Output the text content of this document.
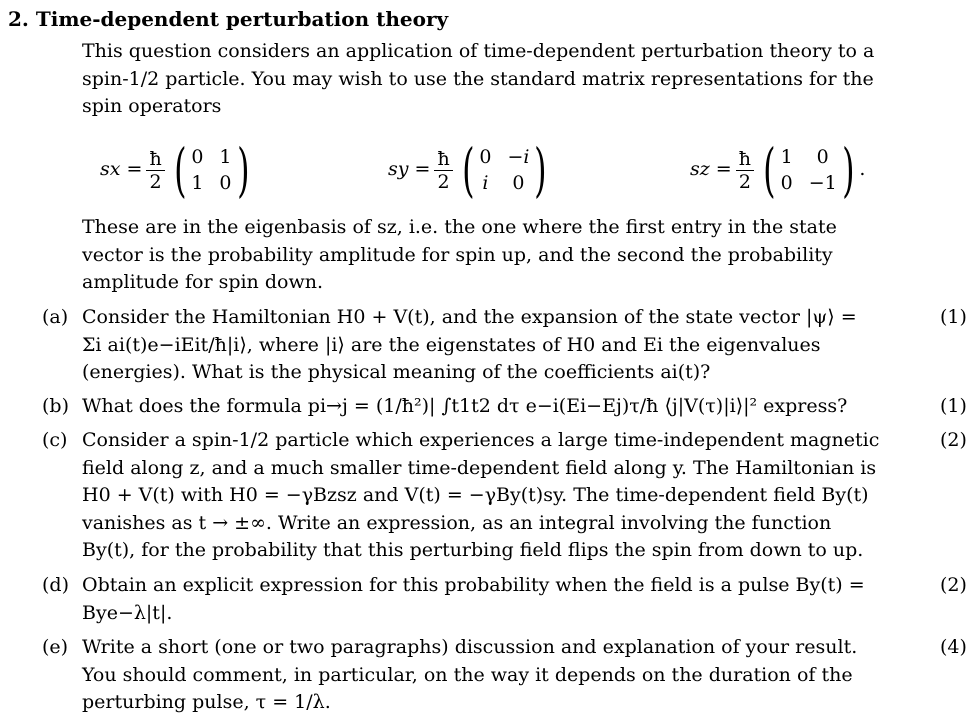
2. Time-dependent perturbation theory
This question considers an application of time-dependent perturbation theory to a spin-1/2 particle. You may wish to use the standard matrix representations for the spin operators
sx = $\frac{ħ}{2}$ ( 0 1
1 0 )	sy = $\frac{ħ}{2}$ ( 0 −i
i 0 )	sz = $\frac{ħ}{2}$ ( 1	0
0 −1 ) .
These are in the eigenbasis of sz, i.e. the one where the first entry in the state vector is the probability amplitude for spin up, and the second the probability amplitude for spin down.
(a) Consider the Hamiltonian H0 + V(t), and the expansion of the state vector |ψ⟩ = Σi ai(t)e−iEit/ħ|i⟩, where |i⟩ are the eigenstates of H0 and Ei the eigenvalues (energies). What is the physical meaning of the coefficients ai(t)?
(1)
(b) What does the formula pi→j = (1/ħ²)| ∫t1t2 dτ e−i(Ei−Ej)τ/ħ ⟨j|V(τ)|i⟩|² express?	(1)
(c) Consider a spin-1/2 particle which experiences a large time-independent magnetic field along z, and a much smaller time-dependent field along y. The Hamiltonian is H0 + V(t) with H0 = −γBzsz and V(t) = −γBy(t)sy. The time-dependent field By(t) vanishes as t → ±∞. Write an expression, as an integral involving the function By(t), for the probability that this perturbing field flips the spin from down to up.
(2)
(d) Obtain an explicit expression for this probability when the field is a pulse By(t) = Bye−λ|t|.
(2)
(e) Write a short (one or two paragraphs) discussion and explanation of your result. You should comment, in particular, on the way it depends on the duration of the perturbing pulse, τ = 1/λ.
(4)
